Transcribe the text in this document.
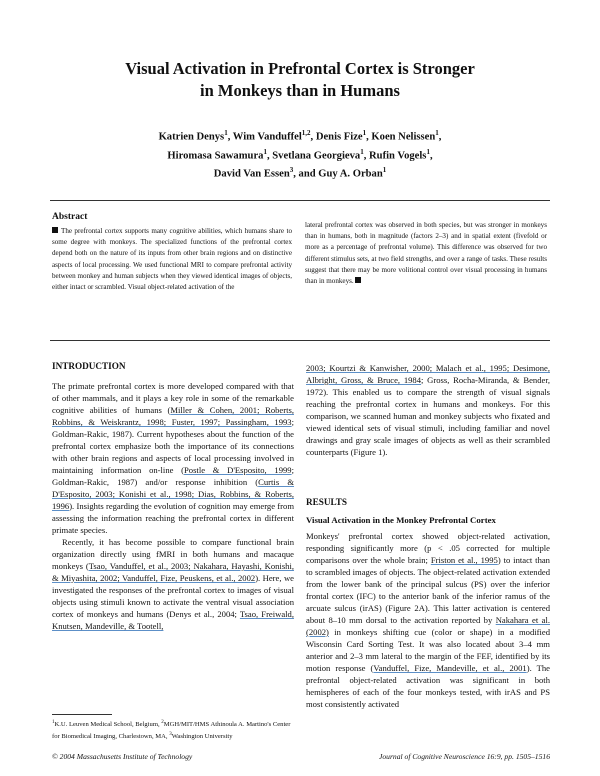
Visual Activation in Prefrontal Cortex is Stronger
in Monkeys than in Humans
Katrien Denys$^1$, Wim Vanduffel$^{1,2}$, Denis Fize$^1$, Koen Nelissen$^1$,
Hiromasa Sawamura$^1$, Svetlana Georgieva$^1$, Rufin Vogels$^1$,
David Van Essen$^3$, and Guy A. Orban$^1$
Abstract
The prefrontal cortex supports many cognitive abilities, which humans share to some degree with monkeys. The specialized functions of the prefrontal cortex depend both on the nature of its inputs from other brain regions and on distinctive aspects of local processing. We used functional MRI to compare prefrontal activity between monkey and human subjects when they viewed identical images of objects, either intact or scrambled. Visual object-related activation of the
lateral prefrontal cortex was observed in both species, but was stronger in monkeys than in humans, both in magnitude (factors 2–3) and in spatial extent (fivefold or more as a percentage of prefrontal volume). This difference was observed for two different stimulus sets, at two field strengths, and over a range of tasks. These results suggest that there may be more volitional control over visual processing in humans than in monkeys.
INTRODUCTION
The primate prefrontal cortex is more developed compared with that of other mammals, and it plays a key role in some of the remarkable cognitive abilities of humans (Miller & Cohen, 2001; Roberts, Robbins, & Weiskrantz, 1998; Fuster, 1997; Passingham, 1993; Goldman-Rakic, 1987). Current hypotheses about the function of the prefrontal cortex emphasize both the importance of its connections with other brain regions and aspects of local processing involved in maintaining information on-line (Postle & D'Esposito, 1999; Goldman-Rakic, 1987) and/or response inhibition (Curtis & D'Esposito, 2003; Konishi et al., 1998; Dias, Robbins, & Roberts, 1996). Insights regarding the evolution of cognition may emerge from assessing the information reaching the prefrontal cortex in different primate species.
Recently, it has become possible to compare functional brain organization directly using fMRI in both humans and macaque monkeys (Tsao, Vanduffel, et al., 2003; Nakahara, Hayashi, Konishi, & Miyashita, 2002; Vanduffel, Fize, Peuskens, et al., 2002). Here, we investigated the responses of the prefrontal cortex to images of visual objects using stimuli known to activate the ventral visual association cortex of monkeys and humans (Denys et al., 2004; Tsao, Freiwald, Knutsen, Mandeville, & Tootell,
2003; Kourtzi & Kanwisher, 2000; Malach et al., 1995; Desimone, Albright, Gross, & Bruce, 1984; Gross, Rocha-Miranda, & Bender, 1972). This enabled us to compare the strength of visual signals reaching the prefrontal cortex in humans and monkeys. For this comparison, we scanned human and monkey subjects who fixated and viewed identical sets of visual stimuli, including familiar and novel drawings and gray scale images of objects as well as their scrambled counterparts (Figure 1).
RESULTS
Visual Activation in the Monkey Prefrontal Cortex
Monkeys' prefrontal cortex showed object-related activation, responding significantly more (p < .05 corrected for multiple comparisons over the whole brain; Friston et al., 1995) to intact than to scrambled images of objects. The object-related activation extended from the lower bank of the principal sulcus (PS) over the inferior frontal cortex (IFC) to the anterior bank of the inferior ramus of the arcuate sulcus (irAS) (Figure 2A). This latter activation is centered about 8–10 mm dorsal to the activation reported by Nakahara et al. (2002) in monkeys shifting cue (color or shape) in a modified Wisconsin Card Sorting Test. It was also located about 3–4 mm anterior and 2–3 mm lateral to the margin of the FEF, identified by its motion response (Vanduffel, Fize, Mandeville, et al., 2001). The prefrontal object-related activation was significant in both hemispheres of each of the four monkeys tested, with irAS and PS most consistently activated
$^1$K.U. Leuven Medical School, Belgium, $^2$MGH/MIT/HMS Athinoula A. Martino's Center for Biomedical Imaging, Charlestown, MA, $^3$Washington University
© 2004 Massachusetts Institute of Technology	Journal of Cognitive Neuroscience 16:9, pp. 1505–1516
